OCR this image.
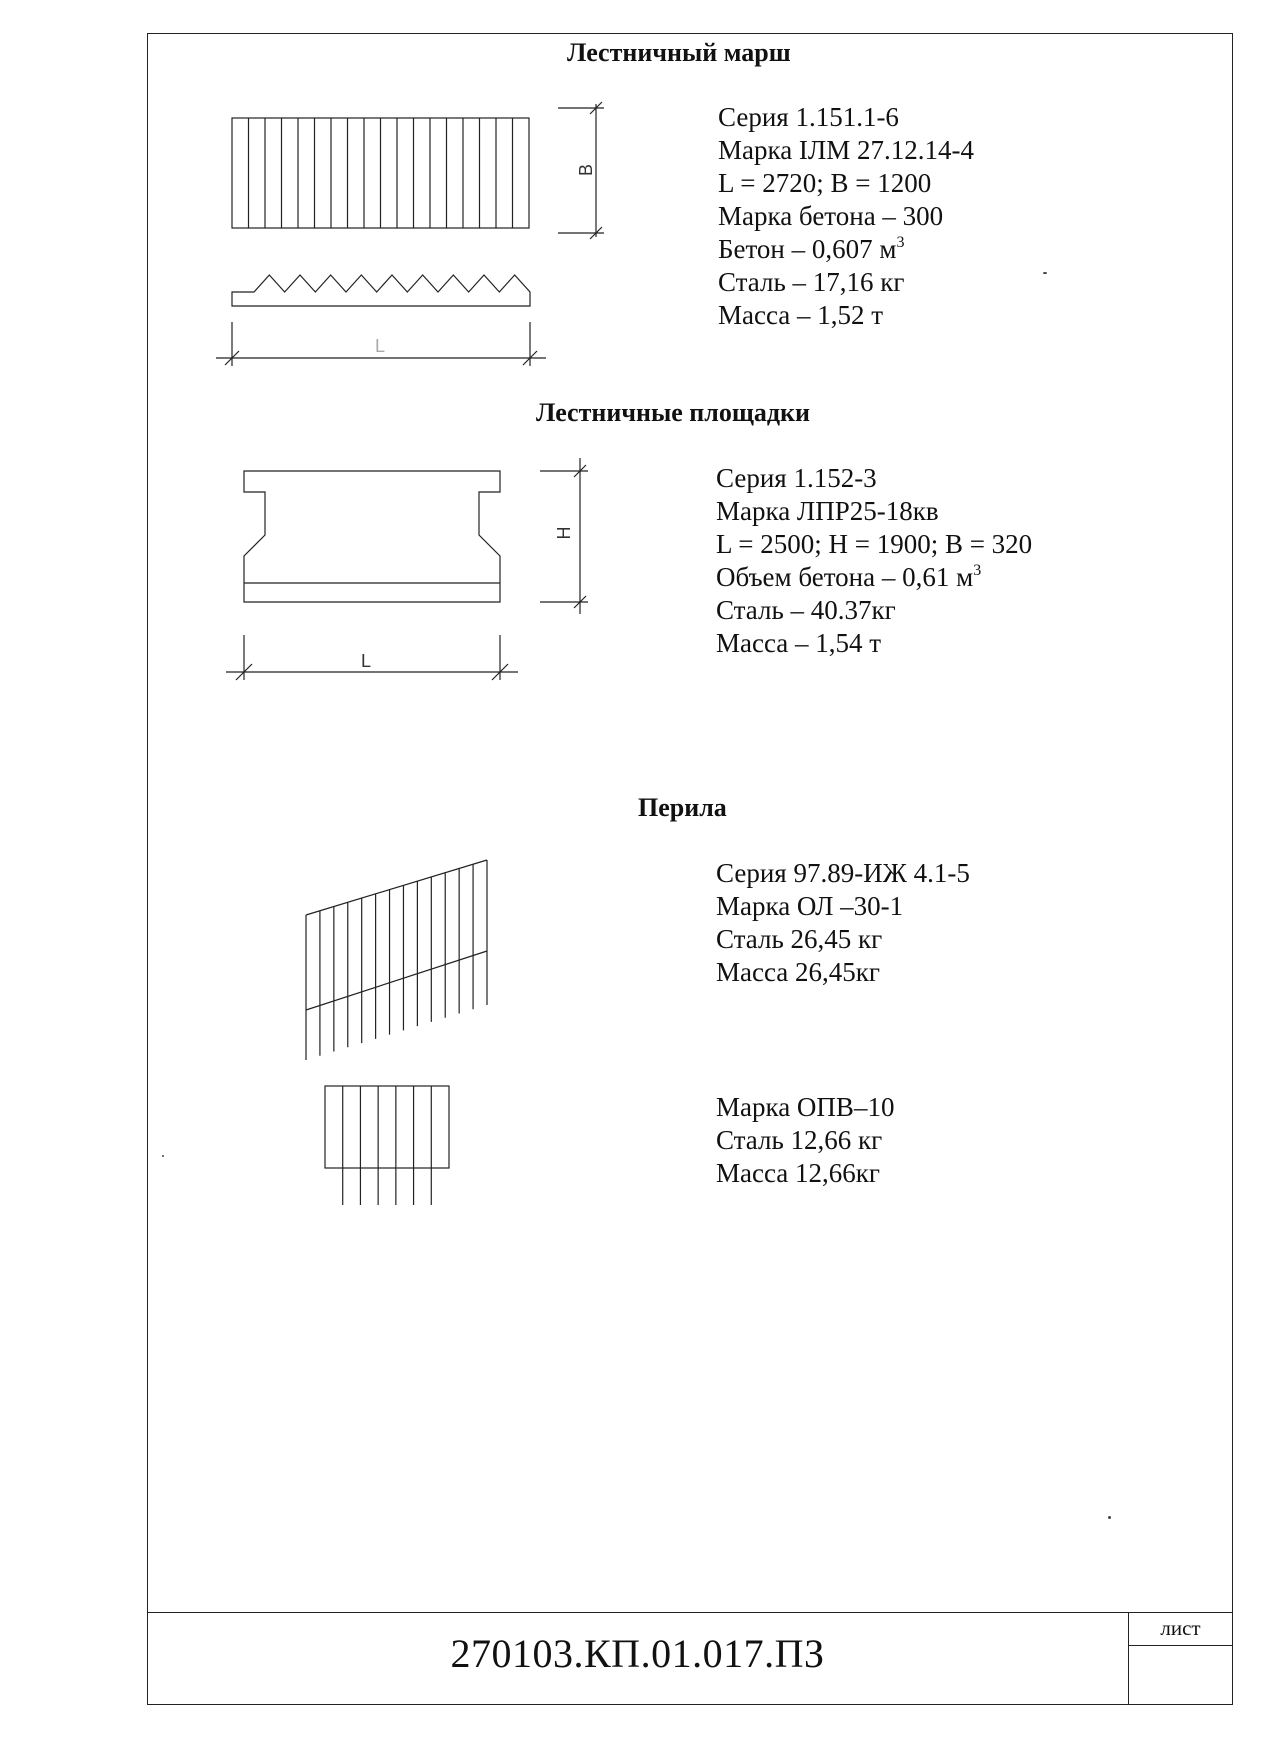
лист
270103.КП.01.017.ПЗ
Лестничный марш
Серия 1.151.1-6
Марка IЛМ 27.12.14-4
L = 2720; B = 1200
Марка бетона – 300
Бетон – 0,607 $м^3$
Сталь – 17,16 кг
Масса – 1,52 т
Лестничные площадки
Серия 1.152-3
Марка ЛПР25-18кв
L = 2500; H = 1900; B = 320
Объем бетона – 0,61 $м^3$
Сталь – 40.37кг
Масса – 1,54 т
Перила
Серия 97.89-ИЖ 4.1-5
Марка ОЛ –30-1
Сталь 26,45 кг
Масса 26,45кг
Марка ОПВ–10
Сталь 12,66 кг
Масса 12,66кг
B
L
H
L
